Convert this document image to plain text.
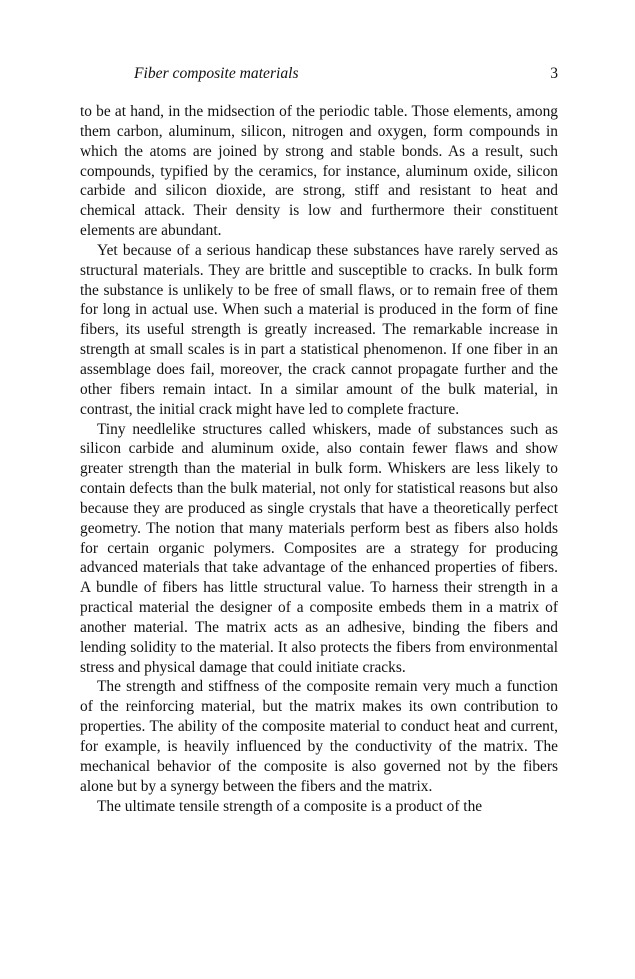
Fiber composite materials	3

to be at hand, in the midsection of the periodic table. Those elements, among them carbon, aluminum, silicon, nitrogen and oxygen, form compounds in which the atoms are joined by strong and stable bonds. As a result, such compounds, typified by the ceramics, for instance, aluminum oxide, silicon carbide and silicon dioxide, are strong, stiff and resistant to heat and chemical attack. Their density is low and furthermore their constituent elements are abundant.

Yet because of a serious handicap these substances have rarely served as structural materials. They are brittle and susceptible to cracks. In bulk form the substance is unlikely to be free of small flaws, or to remain free of them for long in actual use. When such a material is produced in the form of fine fibers, its useful strength is greatly increased. The remarkable increase in strength at small scales is in part a statistical phenomenon. If one fiber in an assemblage does fail, moreover, the crack cannot propagate further and the other fibers remain intact. In a similar amount of the bulk material, in contrast, the initial crack might have led to complete fracture.

Tiny needlelike structures called whiskers, made of substances such as silicon carbide and aluminum oxide, also contain fewer flaws and show greater strength than the material in bulk form. Whiskers are less likely to contain defects than the bulk material, not only for statistical reasons but also because they are produced as single crystals that have a theoretically perfect geometry. The notion that many materials perform best as fibers also holds for certain organic polymers. Composites are a strategy for producing advanced materials that take advantage of the enhanced properties of fibers. A bundle of fibers has little structural value. To harness their strength in a practical material the designer of a composite embeds them in a matrix of another material. The matrix acts as an adhesive, binding the fibers and lending solidity to the material. It also protects the fibers from environmental stress and physical damage that could initiate cracks.

The strength and stiffness of the composite remain very much a function of the reinforcing material, but the matrix makes its own contribution to properties. The ability of the composite material to conduct heat and current, for example, is heavily influenced by the conductivity of the matrix. The mechanical behavior of the composite is also governed not by the fibers alone but by a synergy between the fibers and the matrix.

The ultimate tensile strength of a composite is a product of the
